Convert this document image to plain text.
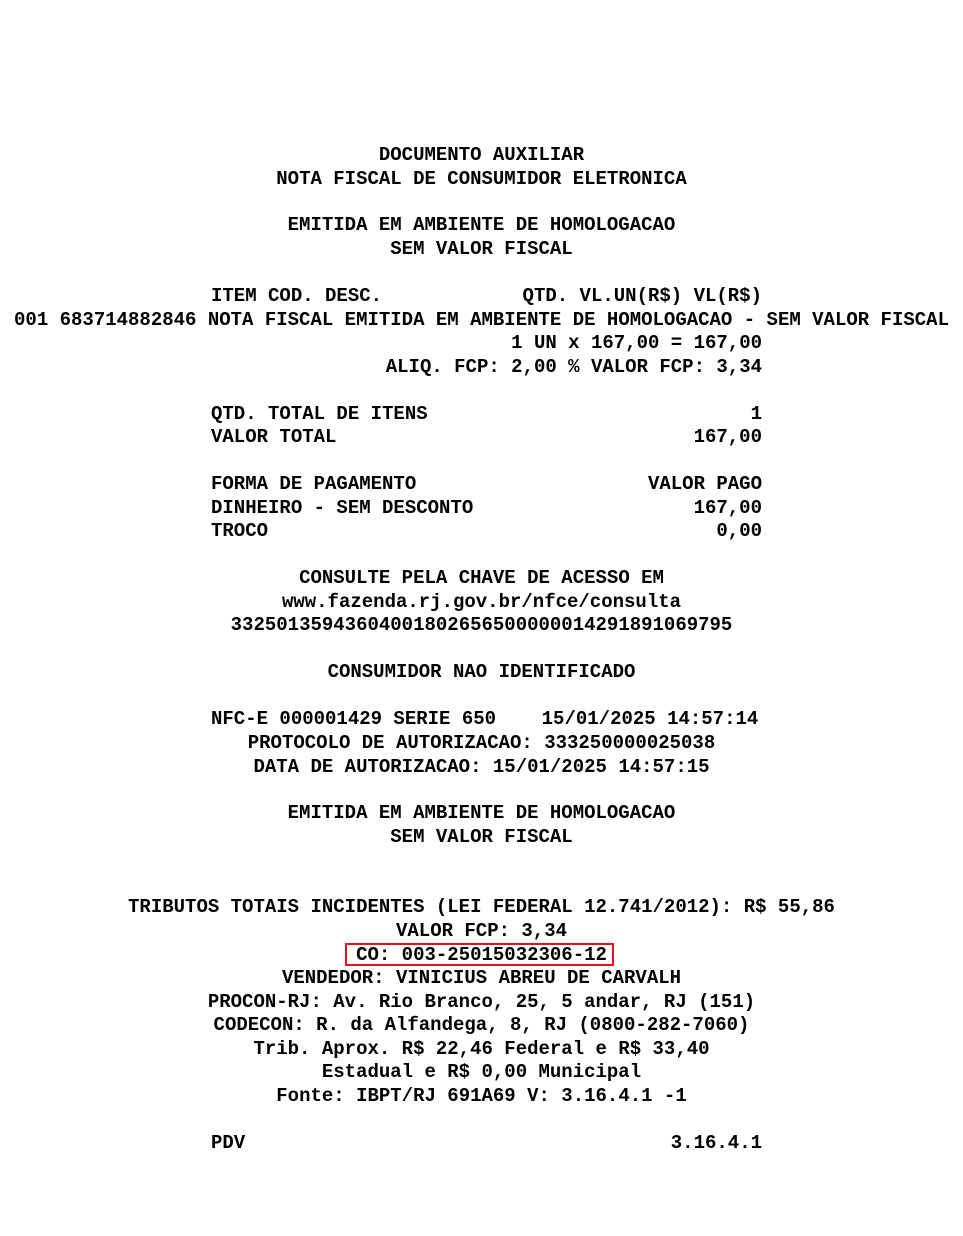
DOCUMENTO AUXILIAR
NOTA FISCAL DE CONSUMIDOR ELETRONICA
EMITIDA EM AMBIENTE DE HOMOLOGACAO
SEM VALOR FISCAL
ITEM COD. DESC.	QTD. VL.UN(R$) VL(R$)
001 683714882846 NOTA FISCAL EMITIDA EM AMBIENTE DE HOMOLOGACAO - SEM VALOR FISCAL
1 UN x 167,00 = 167,00
ALIQ. FCP: 2,00 % VALOR FCP: 3,34
QTD. TOTAL DE ITENS	1
VALOR TOTAL	167,00
FORMA DE PAGAMENTO	VALOR PAGO
DINHEIRO - SEM DESCONTO	167,00
TROCO	0,00
CONSULTE PELA CHAVE DE ACESSO EM
www.fazenda.rj.gov.br/nfce/consulta
33250135943604001802656500000014291891069795
CONSUMIDOR NAO IDENTIFICADO
NFC-E 000001429 SERIE 650    15/01/2025 14:57:14
PROTOCOLO DE AUTORIZACAO: 333250000025038
DATA DE AUTORIZACAO: 15/01/2025 14:57:15
EMITIDA EM AMBIENTE DE HOMOLOGACAO
SEM VALOR FISCAL
TRIBUTOS TOTAIS INCIDENTES (LEI FEDERAL 12.741/2012): R$ 55,86
VALOR FCP: 3,34
CO: 003-25015032306-12
VENDEDOR: VINICIUS ABREU DE CARVALH
PROCON-RJ: Av. Rio Branco, 25, 5 andar, RJ (151)
CODECON: R. da Alfandega, 8, RJ (0800-282-7060)
Trib. Aprox. R$ 22,46 Federal e R$ 33,40
Estadual e R$ 0,00 Municipal
Fonte: IBPT/RJ 691A69 V: 3.16.4.1 -1
PDV	3.16.4.1
